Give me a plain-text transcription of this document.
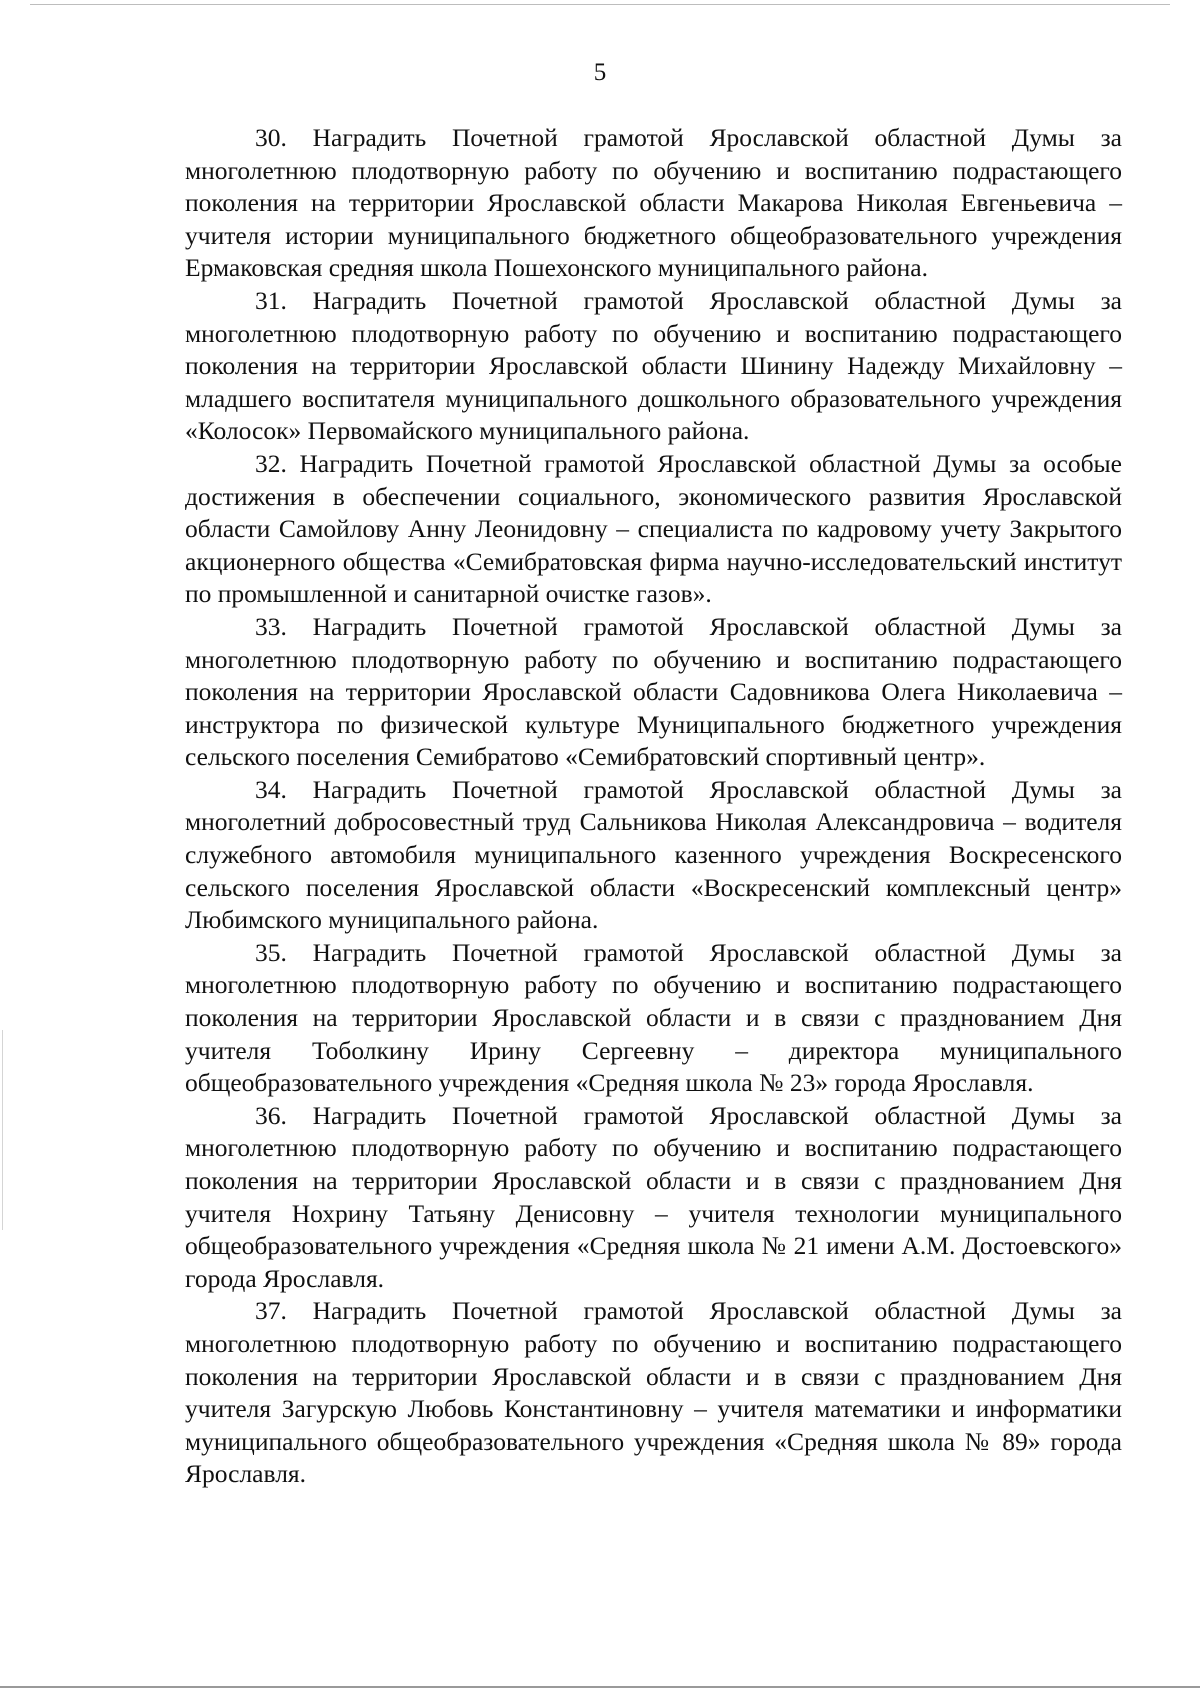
5

30. Наградить Почетной грамотой Ярославской областной Думы за многолетнюю плодотворную работу по обучению и воспитанию подрастающего поколения на территории Ярославской области Макарова Николая Евгеньевича – учителя истории муниципального бюджетного общеобразовательного учреждения Ермаковская средняя школа Пошехонского муниципального района.

31. Наградить Почетной грамотой Ярославской областной Думы за многолетнюю плодотворную работу по обучению и воспитанию подрастающего поколения на территории Ярославской области Шинину Надежду Михайловну – младшего воспитателя муниципального дошкольного образовательного учреждения «Колосок» Первомайского муниципального района.

32. Наградить Почетной грамотой Ярославской областной Думы за особые достижения в обеспечении социального, экономического развития Ярославской области Самойлову Анну Леонидовну – специалиста по кадровому учету Закрытого акционерного общества «Семибратовская фирма научно-исследовательский институт по промышленной и санитарной очистке газов».

33. Наградить Почетной грамотой Ярославской областной Думы за многолетнюю плодотворную работу по обучению и воспитанию подрастающего поколения на территории Ярославской области Садовникова Олега Николаевича – инструктора по физической культуре Муниципального бюджетного учреждения сельского поселения Семибратово «Семибратовский спортивный центр».

34. Наградить Почетной грамотой Ярославской областной Думы за многолетний добросовестный труд Сальникова Николая Александровича – водителя служебного автомобиля муниципального казенного учреждения Воскресенского сельского поселения Ярославской области «Воскресенский комплексный центр» Любимского муниципального района.

35. Наградить Почетной грамотой Ярославской областной Думы за многолетнюю плодотворную работу по обучению и воспитанию подрастающего поколения на территории Ярославской области и в связи с празднованием Дня учителя Тоболкину Ирину Сергеевну – директора муниципального общеобразовательного учреждения «Средняя школа № 23» города Ярославля.

36. Наградить Почетной грамотой Ярославской областной Думы за многолетнюю плодотворную работу по обучению и воспитанию подрастающего поколения на территории Ярославской области и в связи с празднованием Дня учителя Нохрину Татьяну Денисовну – учителя технологии муниципального общеобразовательного учреждения «Средняя школа № 21 имени А.М. Достоевского» города Ярославля.

37. Наградить Почетной грамотой Ярославской областной Думы за многолетнюю плодотворную работу по обучению и воспитанию подрастающего поколения на территории Ярославской области и в связи с празднованием Дня учителя Загурскую Любовь Константиновну – учителя математики и информатики муниципального общеобразовательного учреждения «Средняя школа № 89» города Ярославля.
